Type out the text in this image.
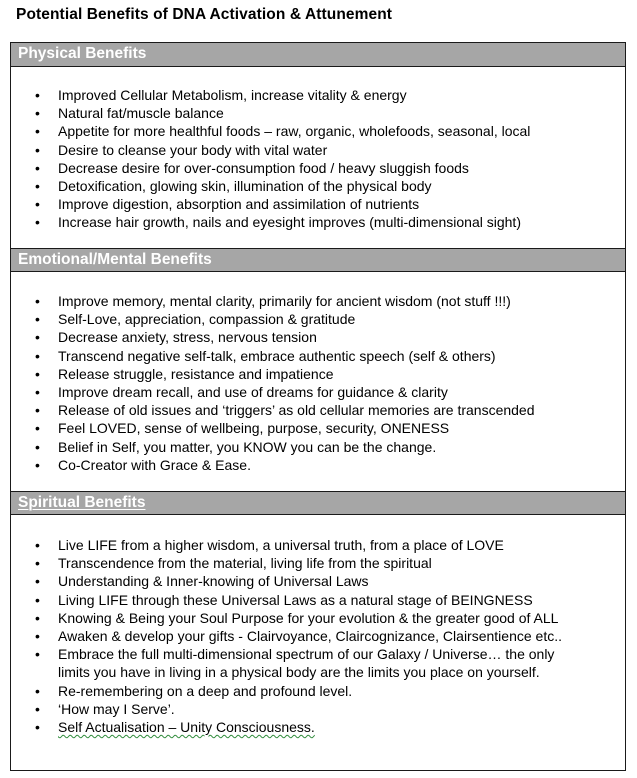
Potential Benefits of DNA Activation & Attunement
Physical Benefits
• Improved Cellular Metabolism, increase vitality & energy
• Natural fat/muscle balance
• Appetite for more healthful foods – raw, organic, wholefoods, seasonal, local
• Desire to cleanse your body with vital water
• Decrease desire for over-consumption food / heavy sluggish foods
• Detoxification, glowing skin, illumination of the physical body
• Improve digestion, absorption and assimilation of nutrients
• Increase hair growth, nails and eyesight improves (multi-dimensional sight)
Emotional/Mental Benefits
• Improve memory, mental clarity, primarily for ancient wisdom (not stuff !!!)
• Self-Love, appreciation, compassion & gratitude
• Decrease anxiety, stress, nervous tension
• Transcend negative self-talk, embrace authentic speech (self & others)
• Release struggle, resistance and impatience
• Improve dream recall, and use of dreams for guidance & clarity
• Release of old issues and ‘triggers’ as old cellular memories are transcended
• Feel LOVED, sense of wellbeing, purpose, security, ONENESS
• Belief in Self, you matter, you KNOW you can be the change.
• Co-Creator with Grace & Ease.
Spiritual Benefits
• Live LIFE from a higher wisdom, a universal truth, from a place of LOVE
• Transcendence from the material, living life from the spiritual
• Understanding & Inner-knowing of Universal Laws
• Living LIFE through these Universal Laws as a natural stage of BEINGNESS
• Knowing & Being your Soul Purpose for your evolution & the greater good of ALL
• Awaken & develop your gifts - Clairvoyance, Claircognizance, Clairsentience etc..
• Embrace the full multi-dimensional spectrum of our Galaxy / Universe… the only
limits you have in living in a physical body are the limits you place on yourself.
• Re-remembering on a deep and profound level.
• ‘How may I Serve’.
• Self Actualisation – Unity Consciousness.
